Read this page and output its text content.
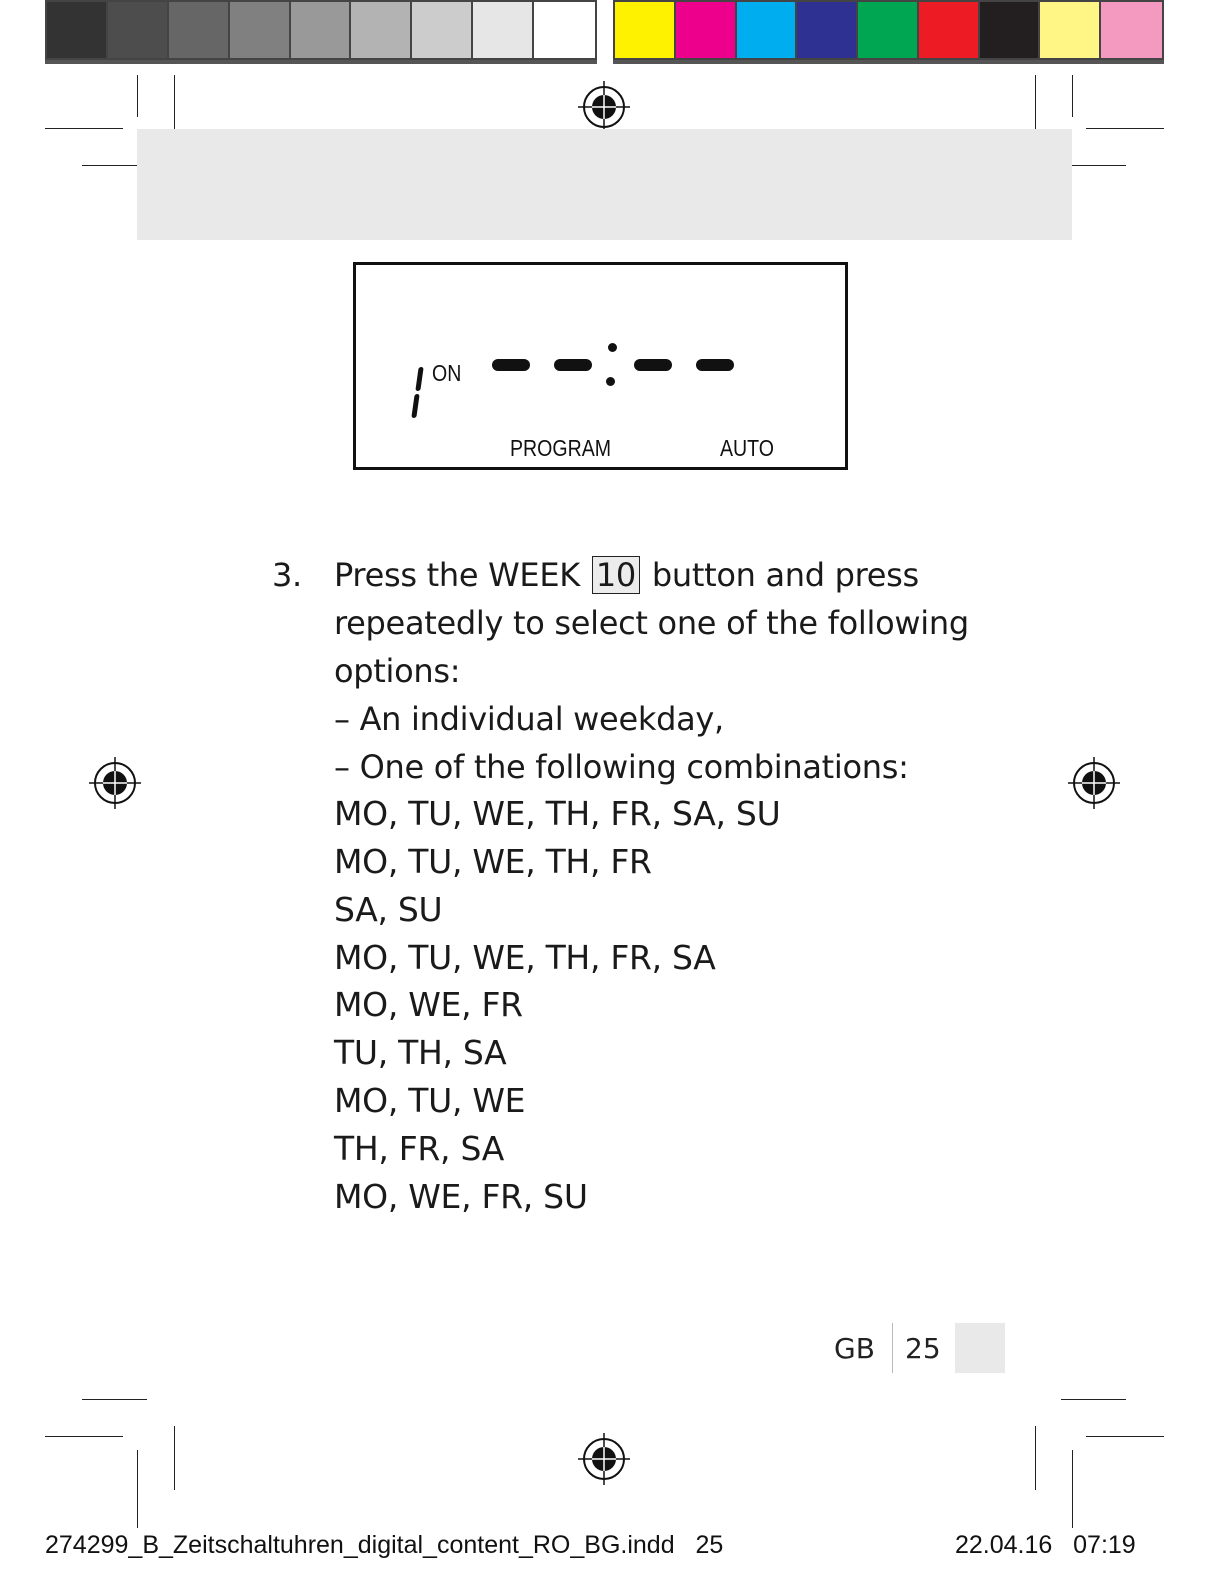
ON
PROGRAM	AUTO
3. Press the WEEK 10 button and press
repeatedly to select one of the following
options:
– An individual weekday,
– One of the following combinations:
MO, TU, WE, TH, FR, SA, SU
MO, TU, WE, TH, FR
SA, SU
MO, TU, WE, TH, FR, SA
MO, WE, FR
TU, TH, SA
MO, TU, WE
TH, FR, SA
MO, WE, FR, SU
GB 25
274299_B_Zeitschaltuhren_digital_content_RO_BG.indd   25	22.04.16   07:19
